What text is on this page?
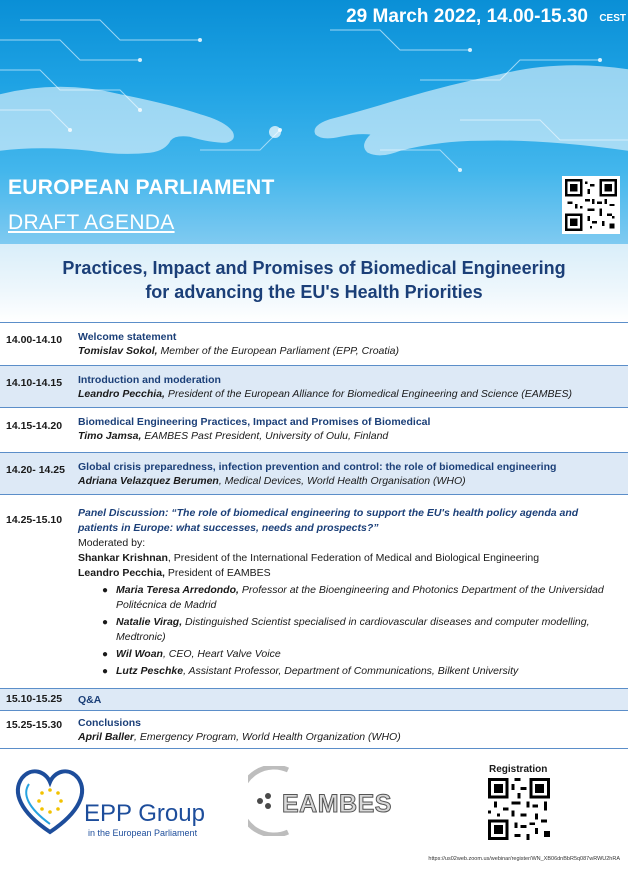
29 March 2022, 14.00-15.30 CEST
EUROPEAN PARLIAMENT
DRAFT AGENDA
Practices, Impact and Promises of Biomedical Engineering
for advancing the EU's Health Priorities
14.00-14.10 Welcome statement
Tomislav Sokol, Member of the European Parliament (EPP, Croatia)
14.10-14.15 Introduction and moderation
Leandro Pecchia, President of the European Alliance for Biomedical Engineering and Science (EAMBES)
14.15-14.20 Biomedical Engineering Practices, Impact and Promises of Biomedical
Timo Jamsa, EAMBES Past President, University of Oulu, Finland
14.20- 14.25 Global crisis preparedness, infection prevention and control: the role of biomedical engineering
Adriana Velazquez Berumen, Medical Devices, World Health Organisation (WHO)
14.25-15.10
Panel Discussion: “The role of biomedical engineering to support the EU's health policy agenda and patients in Europe: what successes, needs and prospects?”
Moderated by:
Shankar Krishnan, President of the International Federation of Medical and Biological Engineering
Leandro Pecchia, President of EAMBES
● Maria Teresa Arredondo, Professor at the Bioengineering and Photonics Department of the Universidad Politécnica de Madrid
● Natalie Virag, Distinguished Scientist specialised in cardiovascular diseases and computer modelling, Medtronic)
● Wil Woan, CEO, Heart Valve Voice
● Lutz Peschke, Assistant Professor, Department of Communications, Bilkent University
15.10-15.25 Q&A
15.25-15.30 Conclusions
April Baller, Emergency Program, World Health Organization (WHO)
EPP Group
in the European Parliament
EAMBES
Registration
https://us02web.zoom.us/webinar/register/WN_XB06dnBbR5q087wRWU2hRA
